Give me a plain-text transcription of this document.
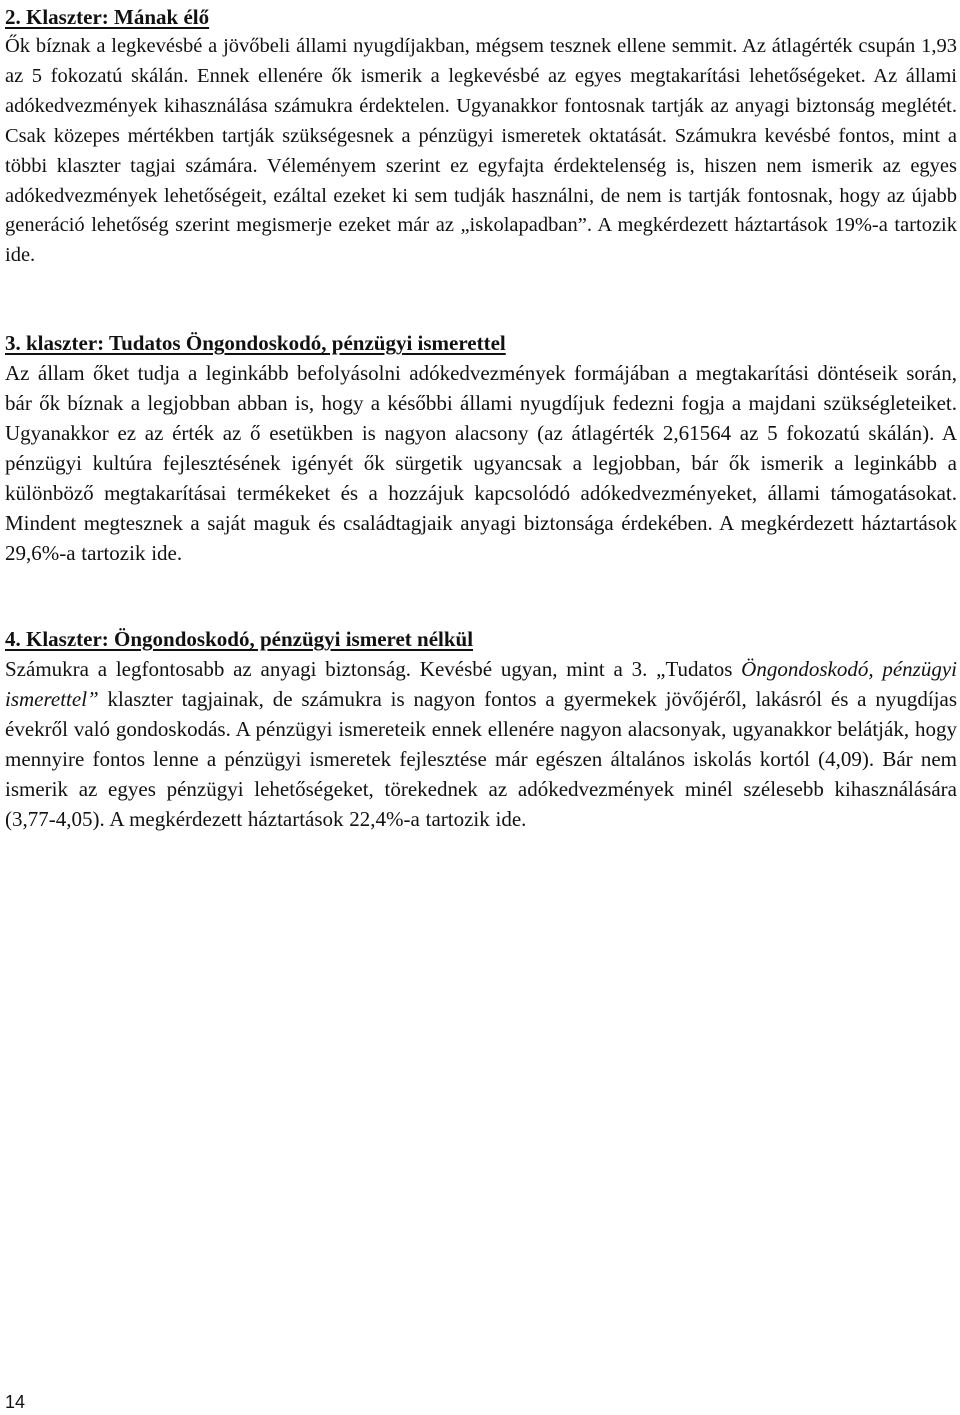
2. Klaszter: Mának élő

Ők bíznak a legkevésbé a jövőbeli állami nyugdíjakban, mégsem tesznek ellene semmit. Az átlagérték csupán 1,93 az 5 fokozatú skálán. Ennek ellenére ők ismerik a legkevésbé az egyes megtakarítási lehetőségeket. Az állami adókedvezmények kihasználása számukra érdektelen. Ugyanakkor fontosnak tartják az anyagi biztonság meglétét. Csak közepes mértékben tartják szükségesnek a pénzügyi ismeretek oktatását. Számukra kevésbé fontos, mint a többi klaszter tagjai számára. Véleményem szerint ez egyfajta érdektelenség is, hiszen nem ismerik az egyes adókedvezmények lehetőségeit, ezáltal ezeket ki sem tudják használni, de nem is tartják fontosnak, hogy az újabb generáció lehetőség szerint megismerje ezeket már az „iskolapadban”. A megkérdezett háztartások 19%-a tartozik ide.

3. klaszter: Tudatos Öngondoskodó, pénzügyi ismerettel

Az állam őket tudja a leginkább befolyásolni adókedvezmények formájában a megtakarítási döntéseik során, bár ők bíznak a legjobban abban is, hogy a későbbi állami nyugdíjuk fedezni fogja a majdani szükségleteiket. Ugyanakkor ez az érték az ő esetükben is nagyon alacsony (az átlagérték 2,61564 az 5 fokozatú skálán). A pénzügyi kultúra fejlesztésének igényét ők sürgetik ugyancsak a legjobban, bár ők ismerik a leginkább a különböző megtakarításai termékeket és a hozzájuk kapcsolódó adókedvezményeket, állami támogatásokat. Mindent megtesznek a saját maguk és családtagjaik anyagi biztonsága érdekében. A megkérdezett háztartások 29,6%-a tartozik ide.

4. Klaszter: Öngondoskodó, pénzügyi ismeret nélkül

Számukra a legfontosabb az anyagi biztonság. Kevésbé ugyan, mint a 3. „Tudatos Öngondoskodó, pénzügyi ismerettel” klaszter tagjainak, de számukra is nagyon fontos a gyermekek jövőjéről, lakásról és a nyugdíjas évekről való gondoskodás. A pénzügyi ismereteik ennek ellenére nagyon alacsonyak, ugyanakkor belátják, hogy mennyire fontos lenne a pénzügyi ismeretek fejlesztése már egészen általános iskolás kortól (4,09). Bár nem ismerik az egyes pénzügyi lehetőségeket, törekednek az adókedvezmények minél szélesebb kihasználására (3,77-4,05). A megkérdezett háztartások 22,4%-a tartozik ide.

14
